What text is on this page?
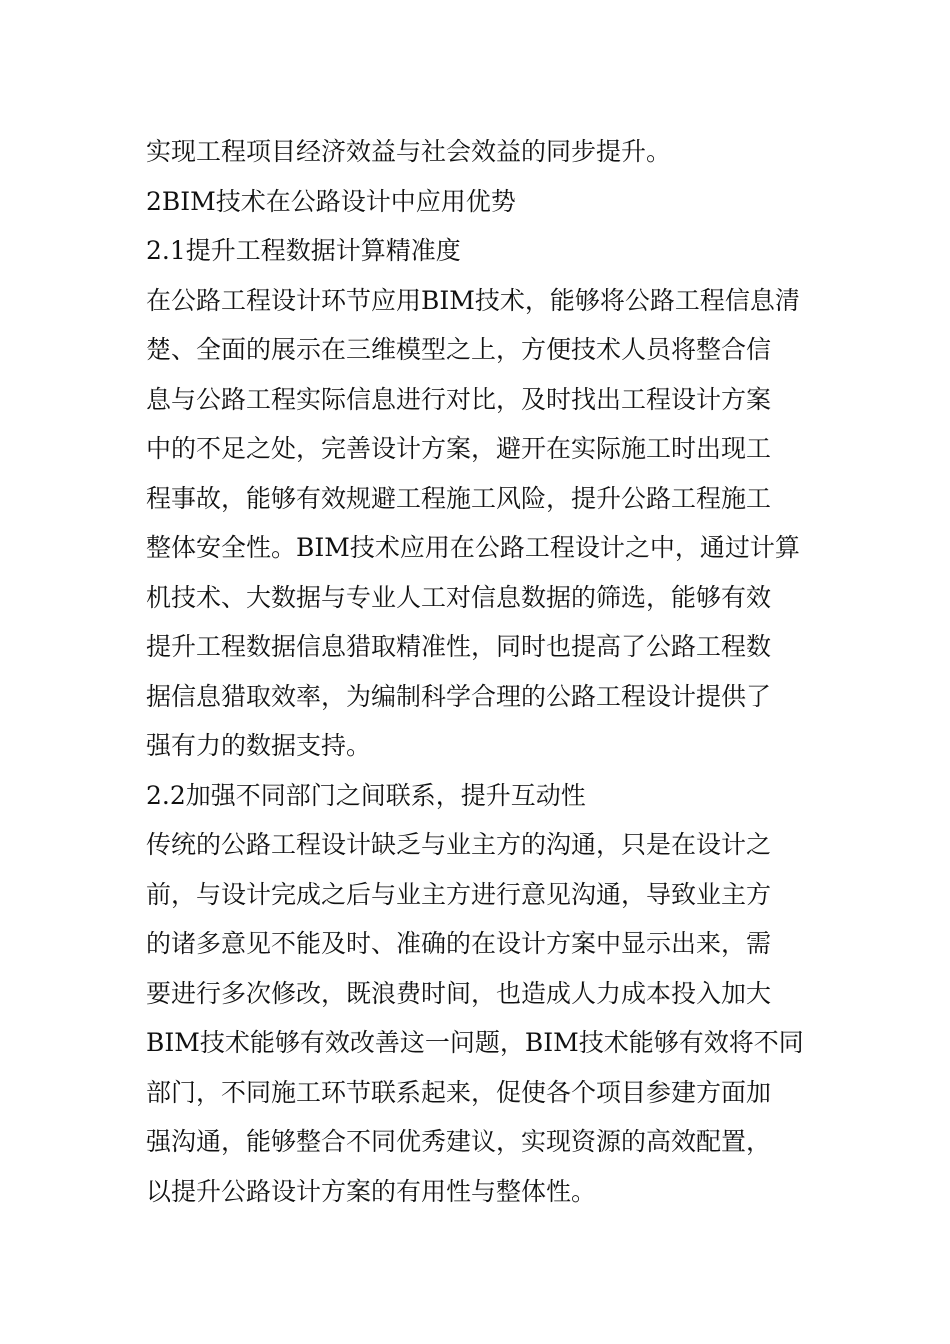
实现工程项目经济效益与社会效益的同步提升。
2BIM技术在公路设计中应用优势
2.1提升工程数据计算精准度
在公路工程设计环节应用BIM技术，能够将公路工程信息清
楚、全面的展示在三维模型之上，方便技术人员将整合信
息与公路工程实际信息进行对比，及时找出工程设计方案
中的不足之处，完善设计方案，避开在实际施工时出现工
程事故，能够有效规避工程施工风险，提升公路工程施工
整体安全性。BIM技术应用在公路工程设计之中，通过计算
机技术、大数据与专业人工对信息数据的筛选，能够有效
提升工程数据信息猎取精准性，同时也提高了公路工程数
据信息猎取效率，为编制科学合理的公路工程设计提供了
强有力的数据支持。
2.2加强不同部门之间联系，提升互动性
传统的公路工程设计缺乏与业主方的沟通，只是在设计之
前，与设计完成之后与业主方进行意见沟通，导致业主方
的诸多意见不能及时、准确的在设计方案中显示出来，需
要进行多次修改，既浪费时间，也造成人力成本投入加大
BIM技术能够有效改善这一问题，BIM技术能够有效将不同
部门，不同施工环节联系起来，促使各个项目参建方面加
强沟通，能够整合不同优秀建议，实现资源的高效配置，
以提升公路设计方案的有用性与整体性。
